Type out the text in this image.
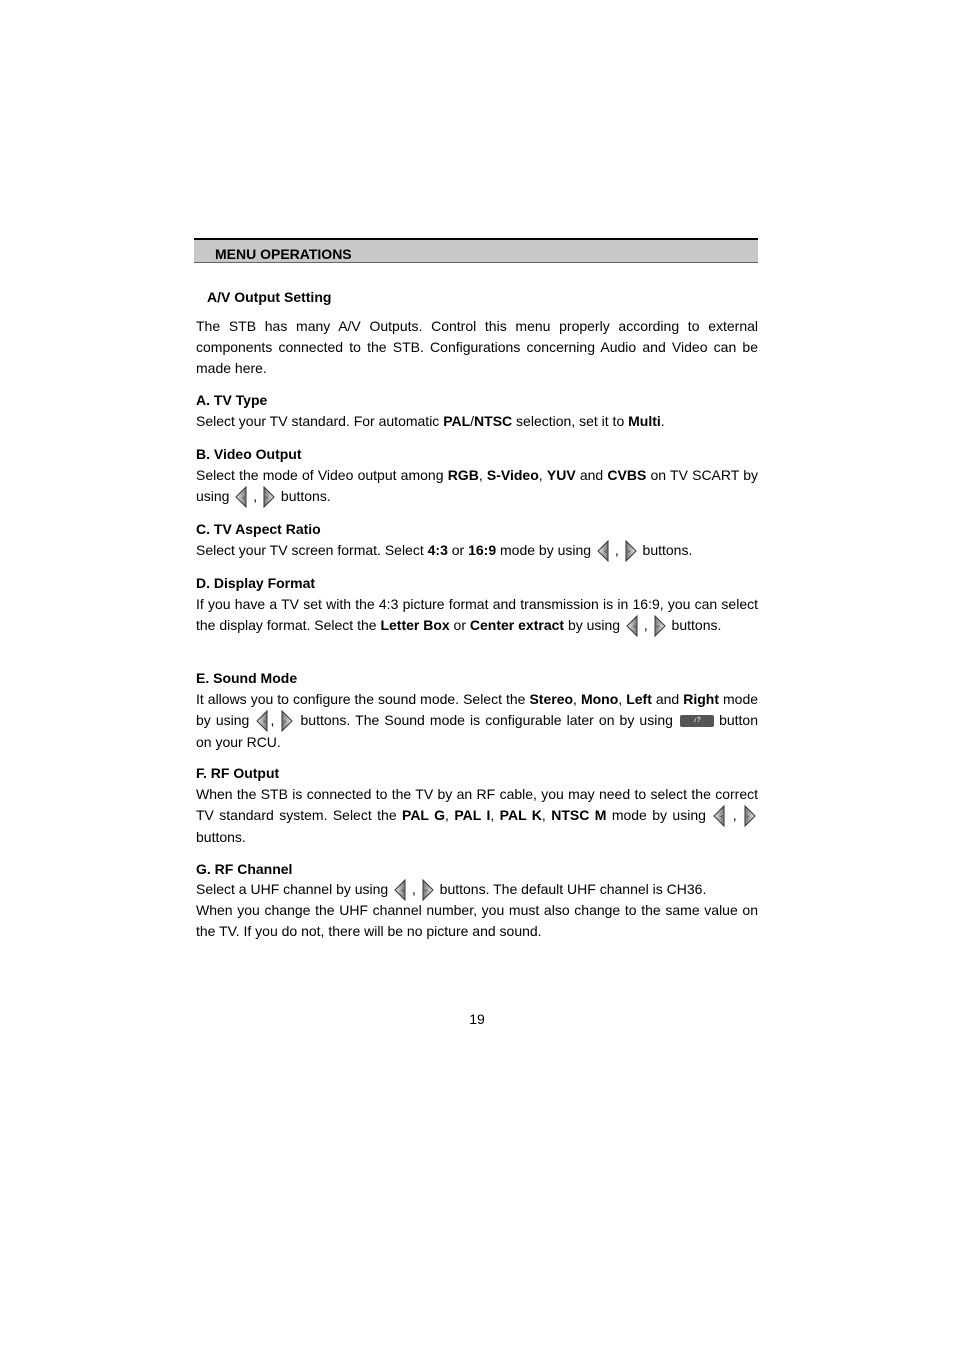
MENU OPERATIONS
A/V Output Setting
The STB has many A/V Outputs. Control this menu properly according to external components connected to the STB. Configurations concerning Audio and Video can be made here.
A. TV Type
Select your TV standard. For automatic PAL/NTSC selection, set it to Multi.
B. Video Output
Select the mode of Video output among RGB, S-Video, YUV and CVBS on TV SCART by using < , > buttons.
C. TV Aspect Ratio
Select your TV screen format. Select 4:3 or 16:9 mode by using < , > buttons.
D. Display Format
If you have a TV set with the 4:3 picture format and transmission is in 16:9, you can select the display format. Select the Letter Box or Center extract by using < , > buttons.
E. Sound Mode
It allows you to configure the sound mode. Select the Stereo, Mono, Left and Right mode by using < , > buttons. The Sound mode is configurable later on by using ♪? button on your RCU.
F. RF Output
When the STB is connected to the TV by an RF cable, you may need to select the correct TV standard system. Select the PAL G, PAL I, PAL K, NTSC M mode by using < , >
buttons.
G. RF Channel
Select a UHF channel by using < , > buttons. The default UHF channel is CH36.
When you change the UHF channel number, you must also change to the same value on the TV. If you do not, there will be no picture and sound.
19
